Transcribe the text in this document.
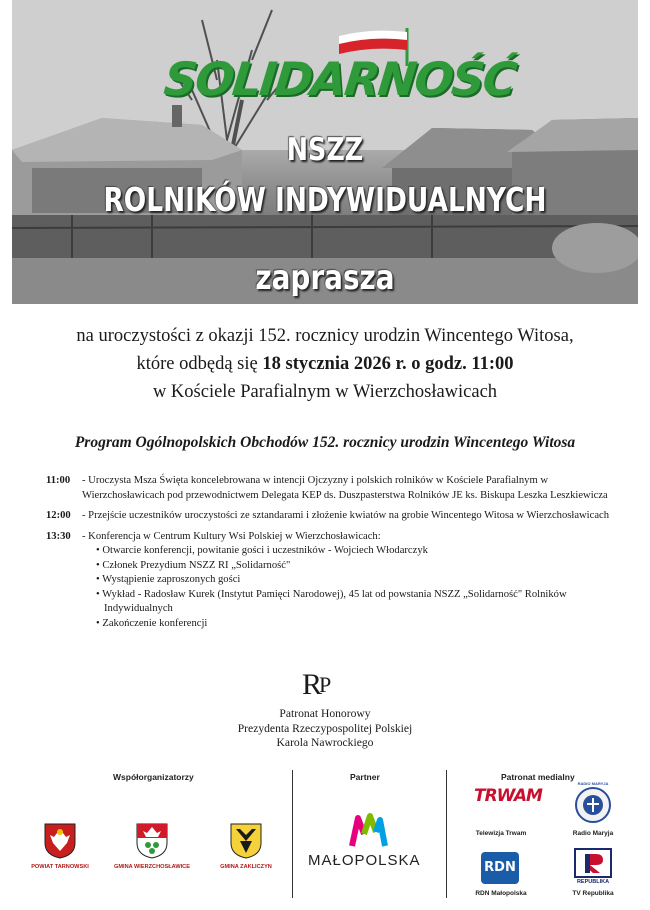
SOLIDARNOŚĆ
NSZZ
ROLNIKÓW INDYWIDUALNYCH
zaprasza
na uroczystości z okazji 152. rocznicy urodzin Wincentego Witosa,
które odbędą się 18 stycznia 2026 r. o godz. 11:00
w Kościele Parafialnym w Wierzchosławicach
Program Ogólnopolskich Obchodów 152. rocznicy urodzin Wincentego Witosa
11:00	- Uroczysta Msza Święta koncelebrowana w intencji Ojczyzny i polskich rolników w Kościele Parafialnym w Wierzchosławicach pod przewodnictwem Delegata KEP ds. Duszpasterstwa Rolników JE ks. Biskupa Leszka Leszkiewicza
12:00	- Przejście uczestników uroczystości ze sztandarami i złożenie kwiatów na grobie Wincentego Witosa w Wierzchosławicach
13:30	- Konferencja w Centrum Kultury Wsi Polskiej w Wierzchosławicach:
• Otwarcie konferencji, powitanie gości i uczestników - Wojciech Włodarczyk
• Członek Prezydium NSZZ RI „Solidarność"
• Wystąpienie zaproszonych gości
• Wykład - Radosław Kurek (Instytut Pamięci Narodowej), 45 lat od powstania NSZZ „Solidarność" Rolników Indywidualnych
• Zakończenie konferencji
$R^P$
Patronat Honorowy
Prezydenta Rzeczypospolitej Polskiej
Karola Nawrockiego
Współorganizatorzy	Partner	Patronat medialny
POWIAT TARNOWSKI	GMINA WIERZCHOSŁAWICE	GMINA ZAKLICZYN	MAŁOPOLSKA
TRWAM
Telewizja Trwam
RADIO MARYJA
Radio Maryja
RDN
RDN Małopolska
REPUBLIKA
TV Republika
